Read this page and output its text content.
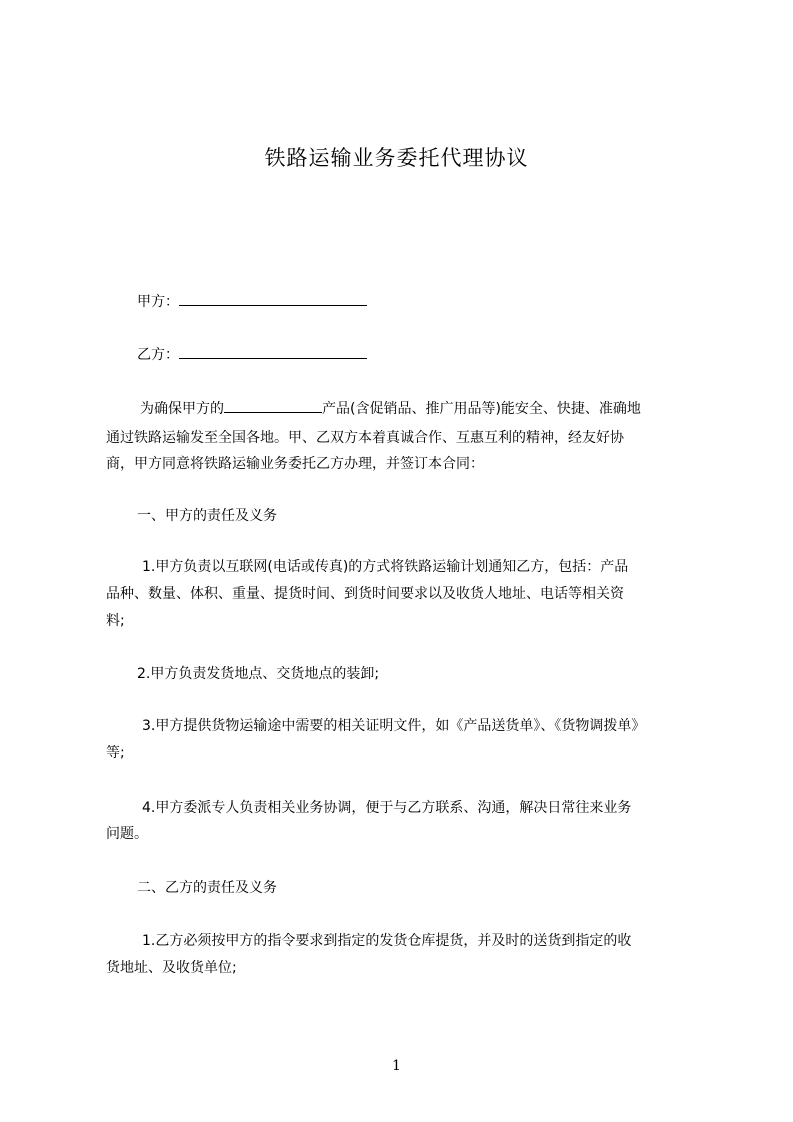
铁路运输业务委托代理协议
甲方：
乙方：
为确保甲方的	产品(含促销品、推广用品等)能安全、快捷、准确地
通过铁路运输发至全国各地。甲、乙双方本着真诚合作、互惠互利的精神，经友好协
商，甲方同意将铁路运输业务委托乙方办理，并签订本合同：
一、甲方的责任及义务
1.甲方负责以互联网(电话或传真)的方式将铁路运输计划通知乙方，包括：产品
品种、数量、体积、重量、提货时间、到货时间要求以及收货人地址、电话等相关资
料;
2.甲方负责发货地点、交货地点的装卸;
3.甲方提供货物运输途中需要的相关证明文件，如《产品送货单》、《货物调拨单》
等;
4.甲方委派专人负责相关业务协调，便于与乙方联系、沟通，解决日常往来业务
问题。
二、乙方的责任及义务
1.乙方必须按甲方的指令要求到指定的发货仓库提货，并及时的送货到指定的收
货地址、及收货单位;
1
